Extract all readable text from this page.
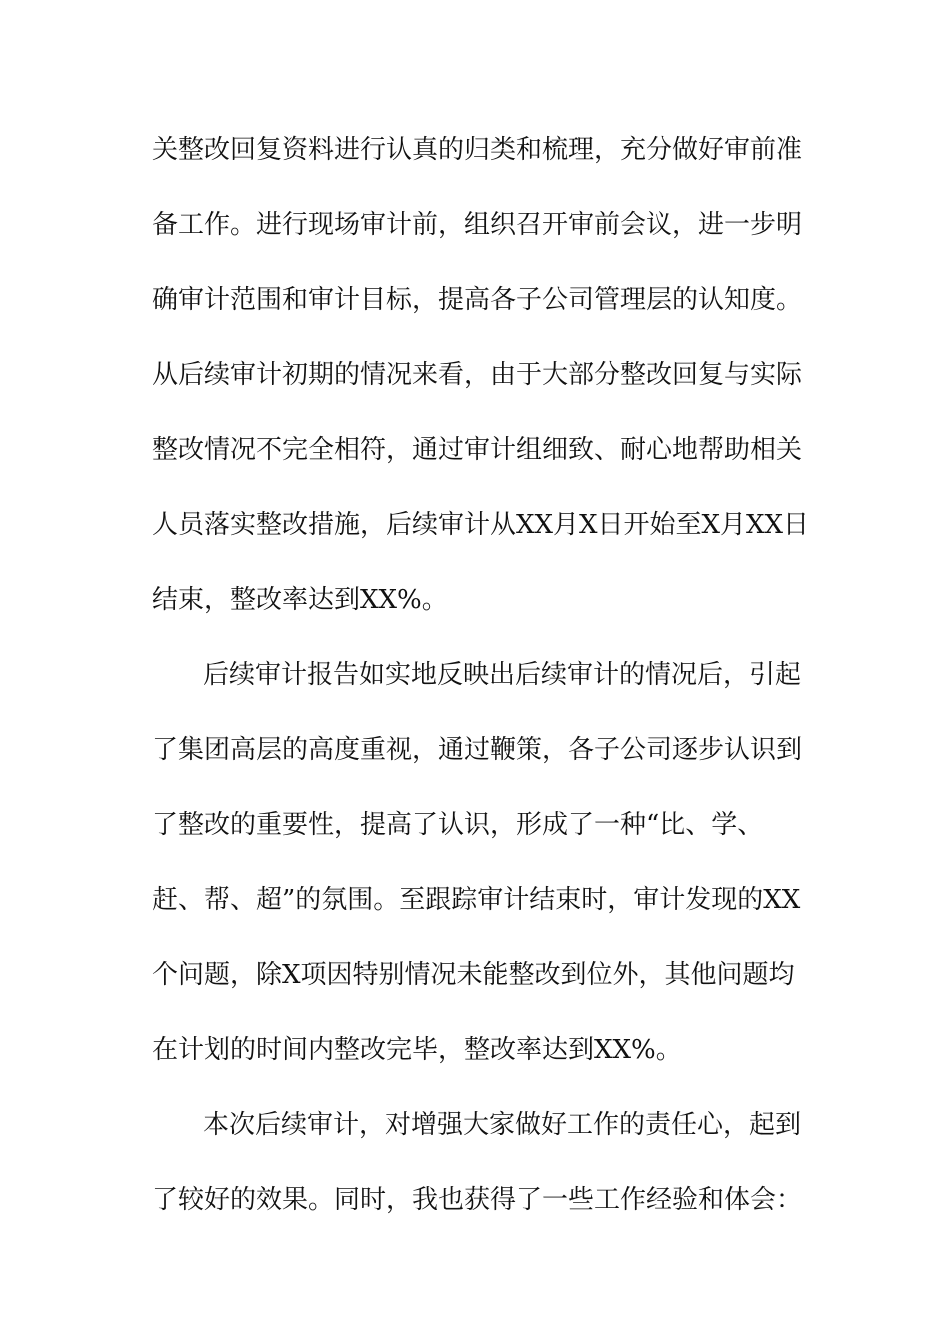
关整改回复资料进行认真的归类和梳理，充分做好审前准
备工作。进行现场审计前，组织召开审前会议，进一步明
确审计范围和审计目标，提高各子公司管理层的认知度。
从后续审计初期的情况来看，由于大部分整改回复与实际
整改情况不完全相符，通过审计组细致、耐心地帮助相关
人员落实整改措施，后续审计从XX月X日开始至X月XX日
结束，整改率达到XX%。
后续审计报告如实地反映出后续审计的情况后，引起
了集团高层的高度重视，通过鞭策，各子公司逐步认识到
了整改的重要性，提高了认识，形成了一种“比、学、
赶、帮、超”的氛围。至跟踪审计结束时，审计发现的XX
个问题，除X项因特别情况未能整改到位外，其他问题均
在计划的时间内整改完毕，整改率达到XX%。
本次后续审计，对增强大家做好工作的责任心，起到
了较好的效果。同时，我也获得了一些工作经验和体会：
